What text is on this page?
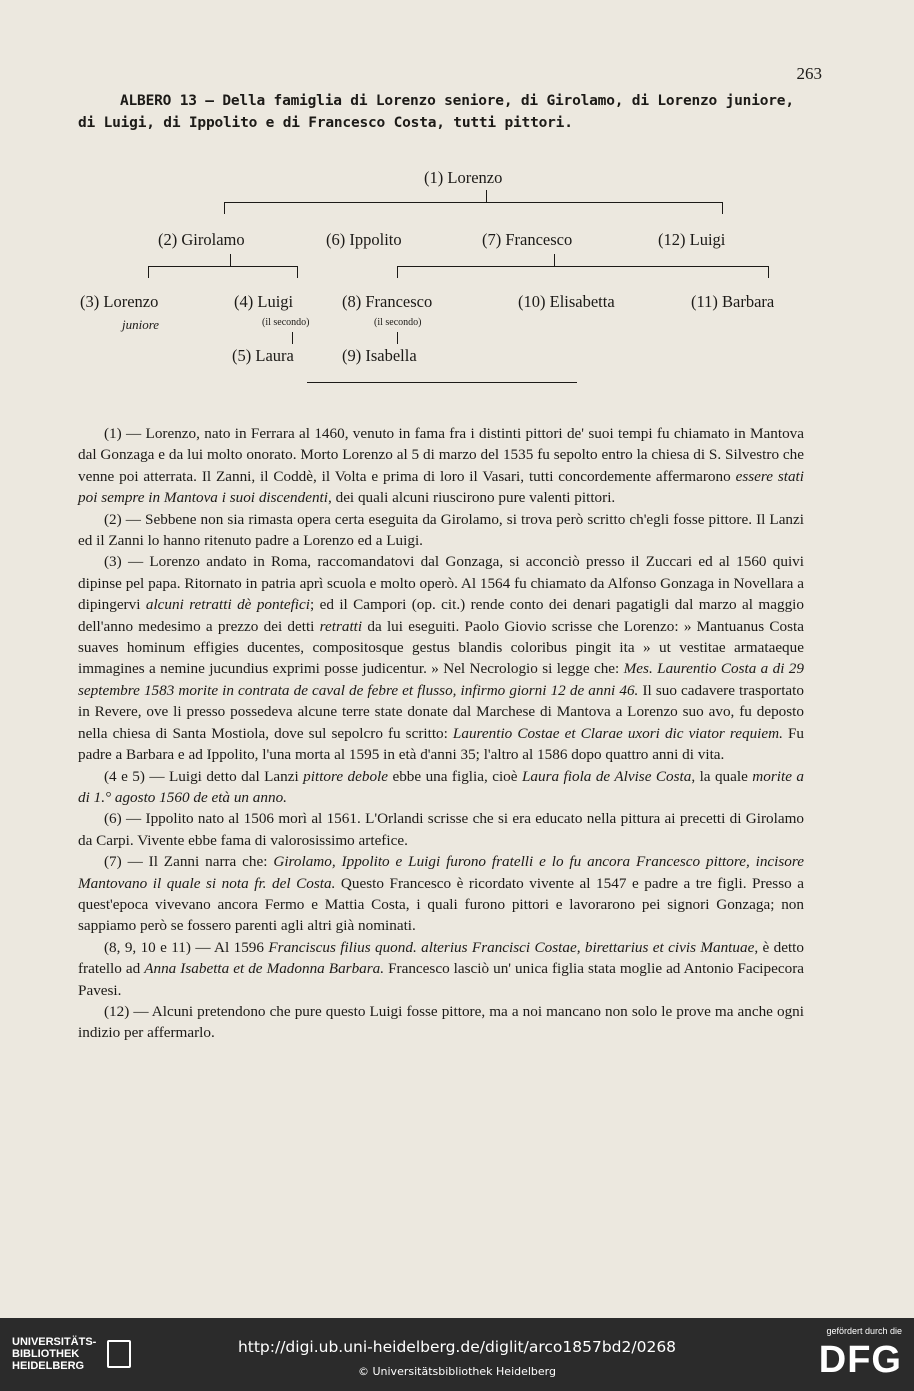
263
ALBERO 13 — Della famiglia di Lorenzo seniore, di Girolamo, di Lorenzo juniore, di Luigi, di Ippolito e di Francesco Costa, tutti pittori.
(1) Lorenzo
(2) Girolamo	(6) Ippolito	(7) Francesco	(12) Luigi
(3) Lorenzo	(4) Luigi	(8) Francesco	(10) Elisabetta	(11) Barbara
juniore	(il secondo)	(il secondo)
(5) Laura	(9) Isabella

(1) — Lorenzo, nato in Ferrara al 1460, venuto in fama fra i distinti pittori de' suoi tempi fu chiamato in Mantova dal Gonzaga e da lui molto onorato. Morto Lorenzo al 5 di marzo del 1535 fu sepolto entro la chiesa di S. Silvestro che venne poi atterrata. Il Zanni, il Coddè, il Volta e prima di loro il Vasari, tutti concordemente affermarono essere stati poi sempre in Mantova i suoi discendenti, dei quali alcuni riuscirono pure valenti pittori.

(2) — Sebbene non sia rimasta opera certa eseguita da Girolamo, si trova però scritto ch'egli fosse pittore. Il Lanzi ed il Zanni lo hanno ritenuto padre a Lorenzo ed a Luigi.

(3) — Lorenzo andato in Roma, raccomandatovi dal Gonzaga, si acconciò presso il Zuccari ed al 1560 quivi dipinse pel papa. Ritornato in patria aprì scuola e molto operò. Al 1564 fu chiamato da Alfonso Gonzaga in Novellara a dipingervi alcuni retratti dè pontefici; ed il Campori (op. cit.) rende conto dei denari pagatigli dal marzo al maggio dell'anno medesimo a prezzo dei detti retratti da lui eseguiti. Paolo Giovio scrisse che Lorenzo: » Mantuanus Costa suaves hominum effigies ducentes, compositosque gestus blandis coloribus pingit ita » ut vestitae armataeque immagines a nemine jucundius exprimi posse judicentur. » Nel Necrologio si legge che: Mes. Laurentio Costa a di 29 septembre 1583 morite in contrata de caval de febre et flusso, infirmo giorni 12 de anni 46. Il suo cadavere trasportato in Revere, ove li presso possedeva alcune terre state donate dal Marchese di Mantova a Lorenzo suo avo, fu deposto nella chiesa di Santa Mostiola, dove sul sepolcro fu scritto: Laurentio Costae et Clarae uxori dic viator requiem. Fu padre a Barbara e ad Ippolito, l'una morta al 1595 in età d'anni 35; l'altro al 1586 dopo quattro anni di vita.

(4 e 5) — Luigi detto dal Lanzi pittore debole ebbe una figlia, cioè Laura fiola de Alvise Costa, la quale morite a di 1.° agosto 1560 de età un anno.

(6) — Ippolito nato al 1506 morì al 1561. L'Orlandi scrisse che si era educato nella pittura ai precetti di Girolamo da Carpi. Vivente ebbe fama di valorosissimo artefice.

(7) — Il Zanni narra che: Girolamo, Ippolito e Luigi furono fratelli e lo fu ancora Francesco pittore, incisore Mantovano il quale si nota fr. del Costa. Questo Francesco è ricordato vivente al 1547 e padre a tre figli. Presso a quest'epoca vivevano ancora Fermo e Mattia Costa, i quali furono pittori e lavorarono pei signori Gonzaga; non sappiamo però se fossero parenti agli altri già nominati.

(8, 9, 10 e 11) — Al 1596 Franciscus filius quond. alterius Francisci Costae, birettarius et civis Mantuae, è detto fratello ad Anna Isabetta et de Madonna Barbara. Francesco lasciò un' unica figlia stata moglie ad Antonio Facipecora Pavesi.

(12) — Alcuni pretendono che pure questo Luigi fosse pittore, ma a noi mancano non solo le prove ma anche ogni indizio per affermarlo.

UNIVERSITÄTS-
BIBLIOTHEK
HEIDELBERG
http://digi.ub.uni-heidelberg.de/diglit/arco1857bd2/0268
© Universitätsbibliothek Heidelberg
gefördert durch die
DFG
